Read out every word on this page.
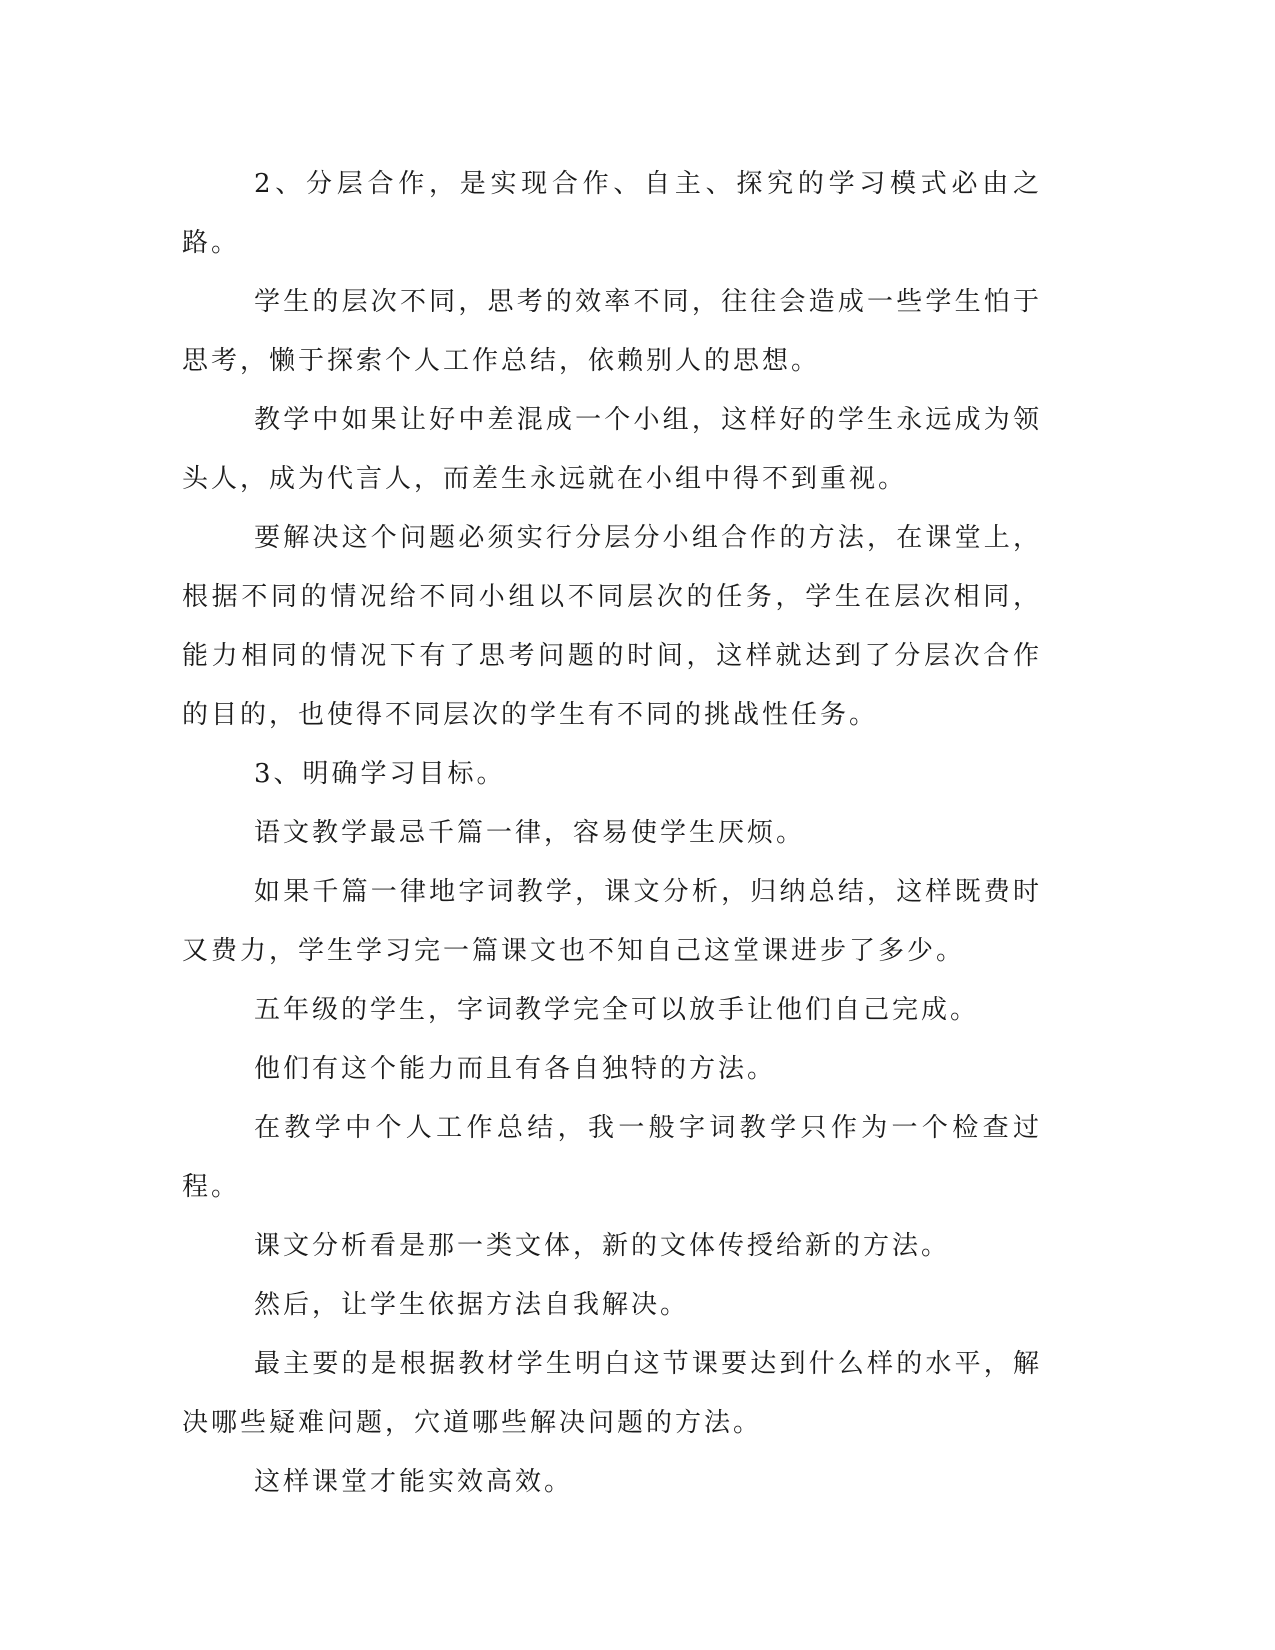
2、分层合作，是实现合作、自主、探究的学习模式必由之路。

学生的层次不同，思考的效率不同，往往会造成一些学生怕于思考，懒于探索个人工作总结，依赖别人的思想。

教学中如果让好中差混成一个小组，这样好的学生永远成为领头人，成为代言人，而差生永远就在小组中得不到重视。

要解决这个问题必须实行分层分小组合作的方法，在课堂上，根据不同的情况给不同小组以不同层次的任务，学生在层次相同，能力相同的情况下有了思考问题的时间，这样就达到了分层次合作的目的，也使得不同层次的学生有不同的挑战性任务。

3、明确学习目标。

语文教学最忌千篇一律，容易使学生厌烦。

如果千篇一律地字词教学，课文分析，归纳总结，这样既费时又费力，学生学习完一篇课文也不知自己这堂课进步了多少。

五年级的学生，字词教学完全可以放手让他们自己完成。

他们有这个能力而且有各自独特的方法。

在教学中个人工作总结，我一般字词教学只作为一个检查过程。

课文分析看是那一类文体，新的文体传授给新的方法。

然后，让学生依据方法自我解决。

最主要的是根据教材学生明白这节课要达到什么样的水平，解决哪些疑难问题，穴道哪些解决问题的方法。

这样课堂才能实效高效。
